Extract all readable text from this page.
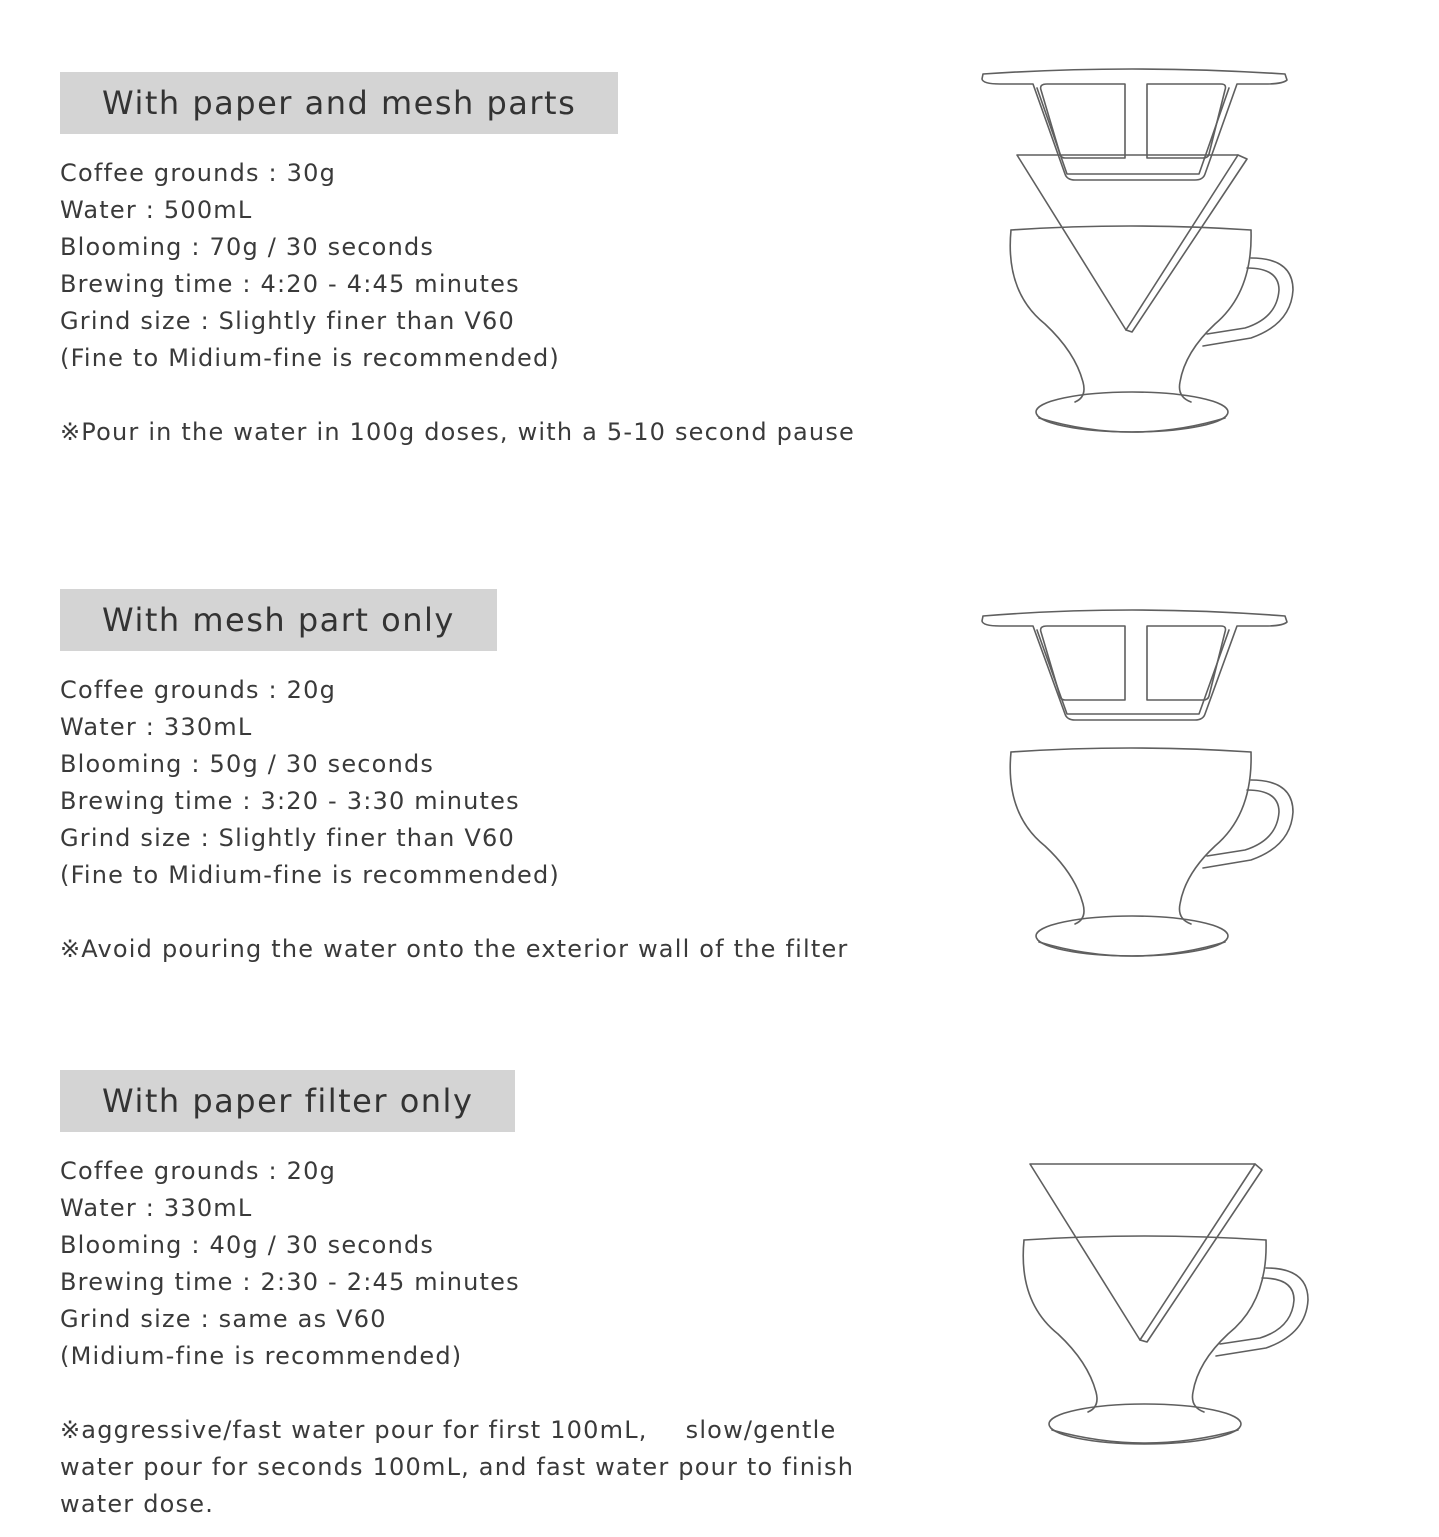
With paper and mesh parts
Coffee grounds : 30g
Water : 500mL
Blooming : 70g / 30 seconds
Brewing time : 4:20 - 4:45 minutes
Grind size : Slightly finer than V60
(Fine to Midium-fine is recommended)
※Pour in the water in 100g doses, with a 5-10 second pause
With mesh part only
Coffee grounds : 20g
Water : 330mL
Blooming : 50g / 30 seconds
Brewing time : 3:20 - 3:30 minutes
Grind size : Slightly finer than V60
(Fine to Midium-fine is recommended)
※Avoid pouring the water onto the exterior wall of the filter
With paper filter only
Coffee grounds : 20g
Water : 330mL
Blooming : 40g / 30 seconds
Brewing time : 2:30 - 2:45 minutes
Grind size : same as V60
(Midium-fine is recommended)
※aggressive/fast water pour for first 100mL, slow/gentle water pour for seconds 100mL, and fast water pour to finish water dose.
